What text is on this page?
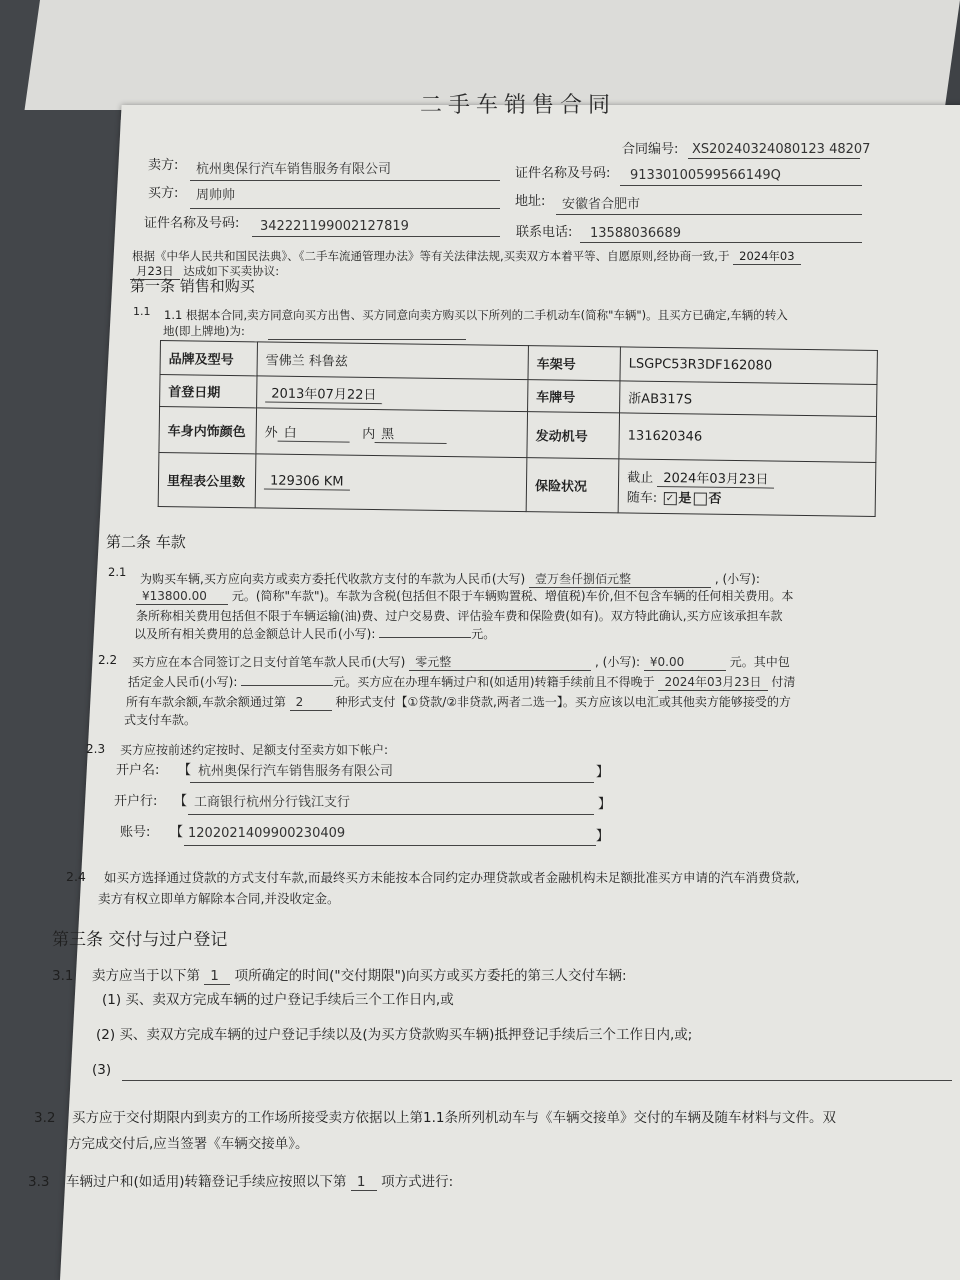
二手车销售合同
合同编号: XS20240324080123 48207
卖方: 杭州奥保行汽车销售服务有限公司	证件名称及号码: 91330100599566149Q
买方: 周帅帅	地址: 安徽省合肥市
证件名称及号码: 342221199002127819	联系电话: 13588036689
根据《中华人民共和国民法典》、《二手车流通管理办法》等有关法律法规,买卖双方本着平等、自愿原则,经协商一致,于 2024年03
月23日 达成如下买卖协议:
第一条 销售和购买
1.1 1.1 根据本合同,卖方同意向买方出售、买方同意向卖方购买以下所列的二手机动车(简称"车辆")。且买方已确定,车辆的转入
地(即上牌地)为:
品牌及型号	雪佛兰 科鲁兹	车架号	LSGPC53R3DF162080
首登日期	2013年07月22日	车牌号	浙AB317S
车身内饰颜色	外 白 内 黑	发动机号	131620346
里程表公里数	129306 KM	保险状况	截止 2024年03月23日
随车: ✓ 是 否
第二条 车款
2.1 为购买车辆,买方应向卖方或卖方委托代收款方支付的车款为人民币(大写) 壹万叁仟捌佰元整	, (小写):
¥13800.00 元。(简称"车款")。车款为含税(包括但不限于车辆购置税、增值税)车价,但不包含车辆的任何相关费用。本
条所称相关费用包括但不限于车辆运输(油)费、过户交易费、评估验车费和保险费(如有)。双方特此确认,买方应该承担车款
以及所有相关费用的总金额总计人民币(小写):	元。
2.2 买方应在本合同签订之日支付首笔车款人民币(大写) 零元整	, (小写): ¥0.00	元。其中包
括定金人民币(小写):	元。买方应在办理车辆过户和(如适用)转籍手续前且不得晚于 2024年03月23日 付清
所有车款余额,车款余额通过第 2	种形式支付【①贷款/②非贷款,两者二选一】。买方应该以电汇或其他卖方能够接受的方
式支付车款。
2.3 买方应按前述约定按时、足额支付至卖方如下帐户:
开户名: 【 杭州奥保行汽车销售服务有限公司	】
开户行: 【 工商银行杭州分行钱江支行	】
账号: 【 1202021409900230409	】
2.4 如买方选择通过贷款的方式支付车款,而最终买方未能按本合同约定办理贷款或者金融机构未足额批准买方申请的汽车消费贷款,
卖方有权立即单方解除本合同,并没收定金。
第三条 交付与过户登记
3.1 卖方应当于以下第 1 项所确定的时间("交付期限")向买方或买方委托的第三人交付车辆:
(1) 买、卖双方完成车辆的过户登记手续后三个工作日内,或
(2) 买、卖双方完成车辆的过户登记手续以及(为买方贷款购买车辆)抵押登记手续后三个工作日内,或;
(3)
3.2 买方应于交付期限内到卖方的工作场所接受卖方依据以上第1.1条所列机动车与《车辆交接单》交付的车辆及随车材料与文件。双
方完成交付后,应当签署《车辆交接单》。
3.3 车辆过户和(如适用)转籍登记手续应按照以下第 1 项方式进行:
